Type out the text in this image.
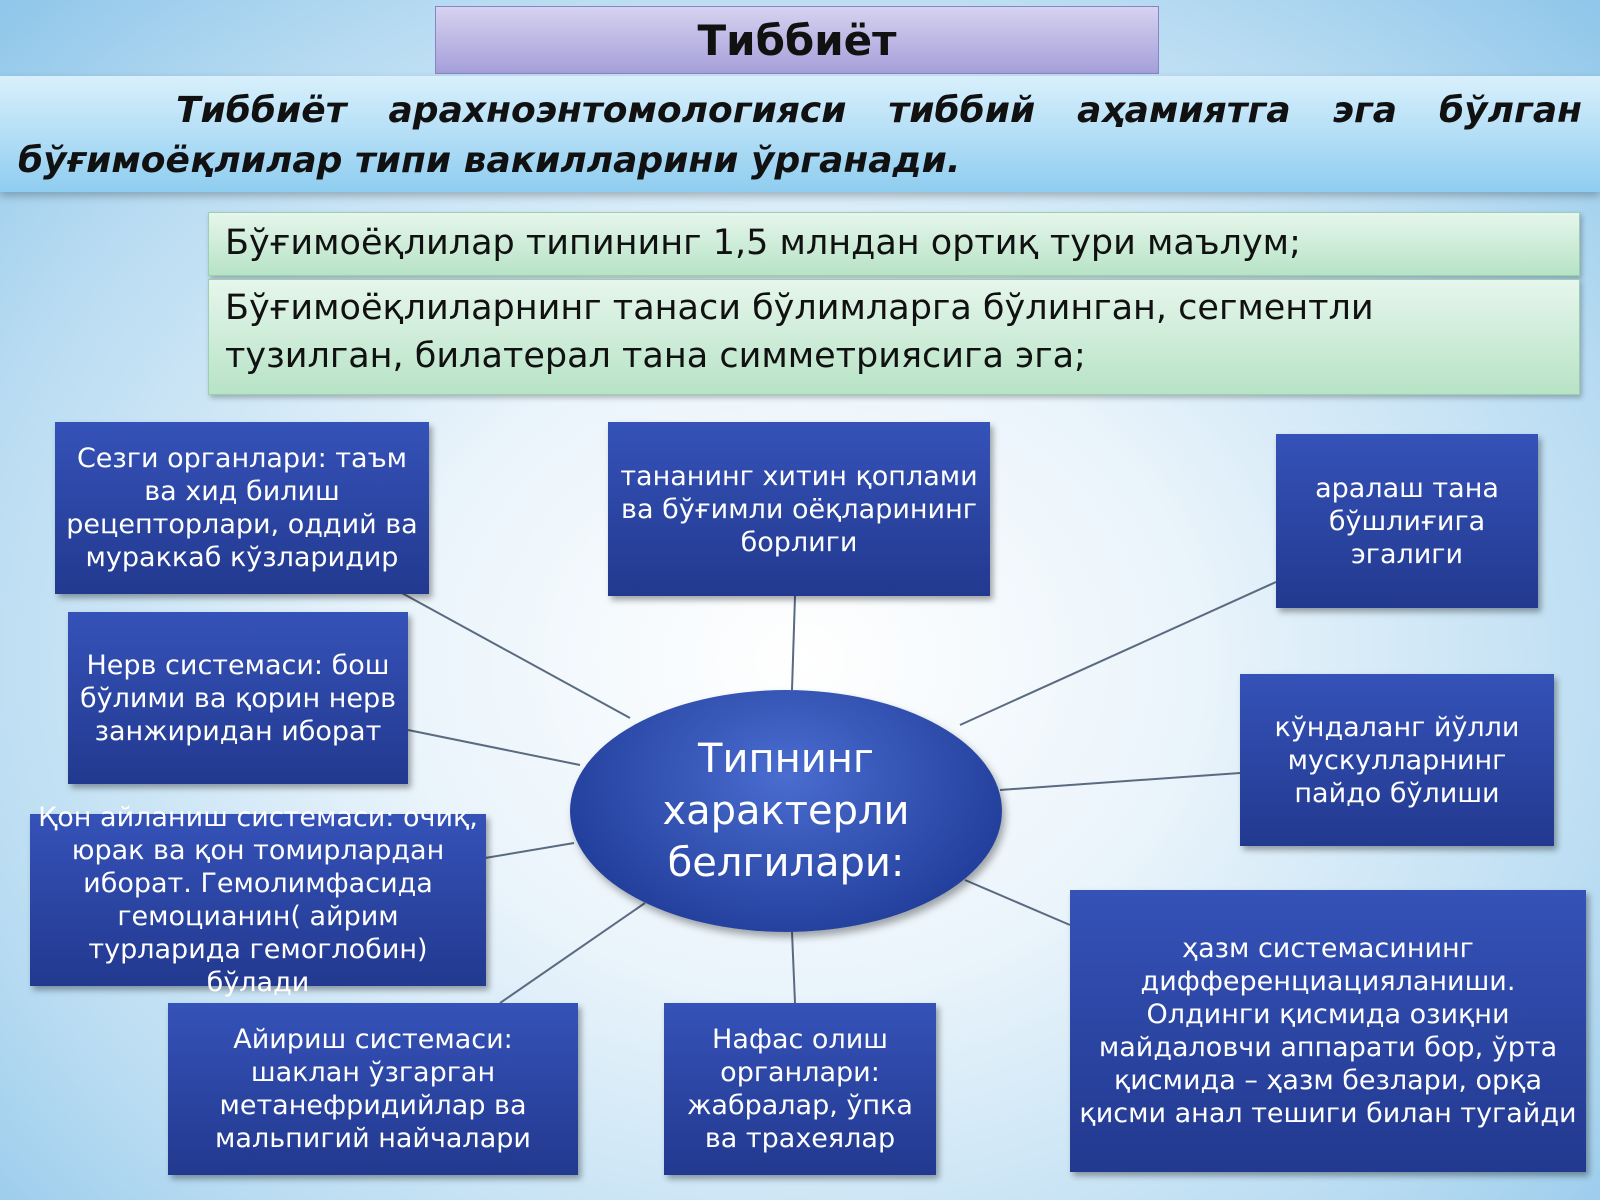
Тиббиёт
Тиббиёт арахноэнтомологияси тиббий аҳамиятга эга бўлган бўғимоёқлилар типи вакилларини ўрганади.
Бўғимоёқлилар типининг 1,5 млндан ортиқ тури маълум;
Бўғимоёқлиларнинг танаси бўлимларга бўлинган, сегментли тузилган, билатерал тана симметриясига эга;
Типнинг характерли белгилари:
Сезги органлари: таъм ва хид билиш рецепторлари, оддий ва мураккаб кўзларидир
тананинг хитин қоплами ва бўғимли оёқларининг борлиги
аралаш тана бўшлиғига эгалиги
Нерв системаси: бош бўлими ва қорин нерв занжиридан иборат	кўндаланг йўлли мускулларнинг пайдо бўлиши
Қон айланиш системаси: очиқ, юрак ва қон томирлардан иборат. Гемолимфасида гемоцианин( айрим турларида гемоглобин) бўлади
ҳазм системасининг дифференциацияланиши. Олдинги қисмида озиқни майдаловчи аппарати бор, ўрта қисмида – ҳазм безлари, орқа қисми анал тешиги билан тугайди
Айириш системаси: шаклан ўзгарган метанефридийлар ва мальпигий найчалари
Нафас олиш органлари: жабралар, ўпка ва трахеялар
